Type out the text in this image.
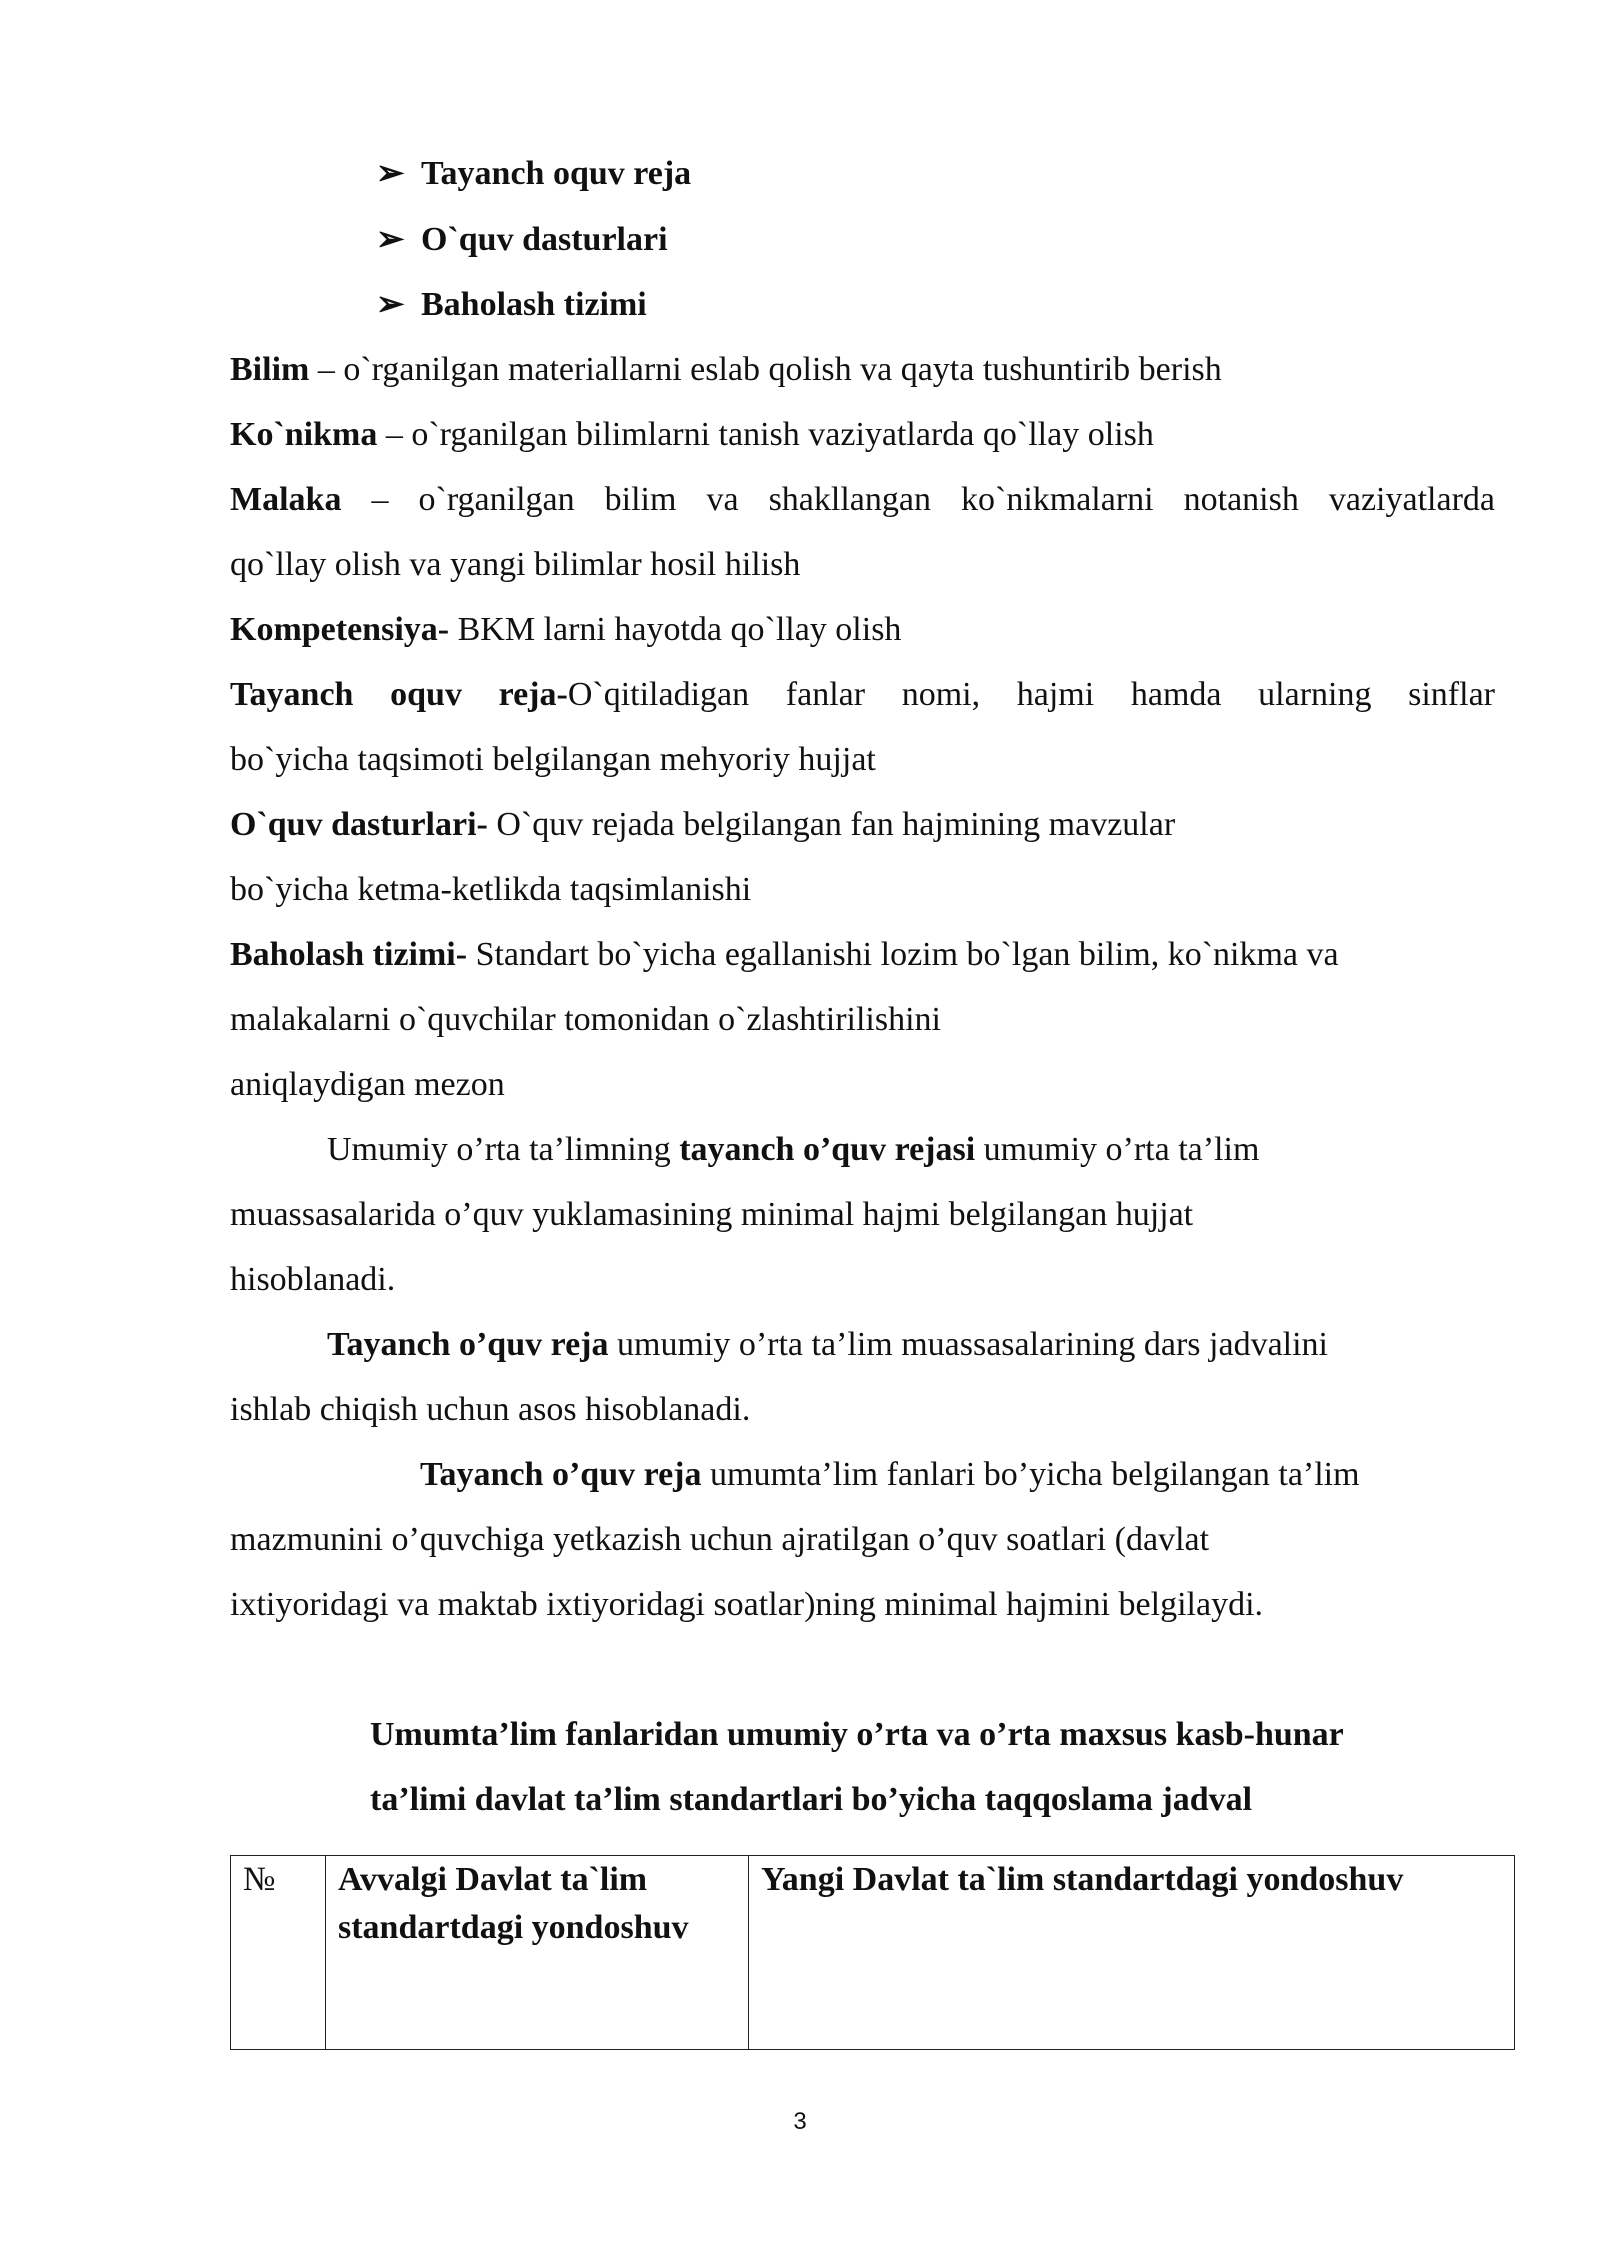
➢ Tayanch oquv reja
➢ O`quv dasturlari
➢ Baholash tizimi
Bilim – o`rganilgan materiallarni eslab qolish va qayta tushuntirib berish
Ko`nikma – o`rganilgan bilimlarni tanish vaziyatlarda qo`llay olish
Malaka – o`rganilgan bilim va shakllangan ko`nikmalarni notanish vaziyatlarda
qo`llay olish va yangi bilimlar hosil hilish
Kompetensiya- BKM larni hayotda qo`llay olish
Tayanch oquv reja-O`qitiladigan fanlar nomi, hajmi hamda ularning sinflar
bo`yicha taqsimoti belgilangan mehyoriy hujjat
O`quv dasturlari- O`quv rejada belgilangan fan hajmining mavzular
bo`yicha ketma-ketlikda taqsimlanishi
Baholash tizimi- Standart bo`yicha egallanishi lozim bo`lgan bilim, ko`nikma va
malakalarni o`quvchilar tomonidan o`zlashtirilishini
aniqlaydigan mezon
Umumiy o’rta ta’limning tayanch o’quv rejasi umumiy o’rta ta’lim
muassasalarida o’quv yuklamasining minimal hajmi belgilangan hujjat
hisoblanadi.
Tayanch o’quv reja umumiy o’rta ta’lim muassasalarining dars jadvalini
ishlab chiqish uchun asos hisoblanadi.
Tayanch o’quv reja umumta’lim fanlari bo’yicha belgilangan ta’lim
mazmunini o’quvchiga yetkazish uchun ajratilgan o’quv soatlari (davlat
ixtiyoridagi va maktab ixtiyoridagi soatlar)ning minimal hajmini belgilaydi.
Umumta’lim fanlaridan umumiy o’rta va o’rta maxsus kasb-hunar
ta’limi davlat ta’lim standartlari bo’yicha taqqoslama jadval
№	Avvalgi Davlat ta`lim standartdagi yondoshuv	Yangi Davlat ta`lim standartdagi yondoshuv
3
